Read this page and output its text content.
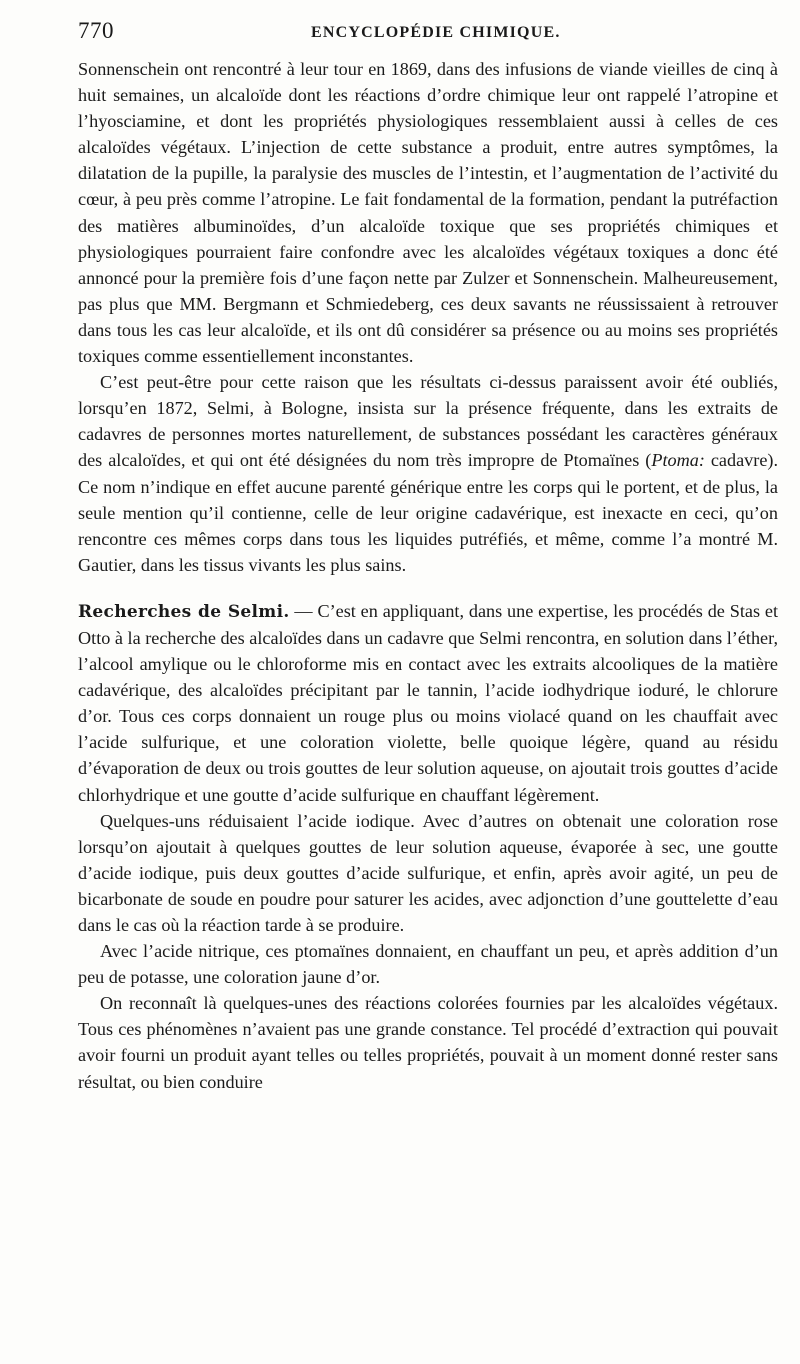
770	ENCYCLOPÉDIE CHIMIQUE.

Sonnenschein ont rencontré à leur tour en 1869, dans des infusions de viande vieilles de cinq à huit semaines, un alcaloïde dont les réactions d’ordre chimique leur ont rappelé l’atropine et l’hyosciamine, et dont les propriétés physiologiques ressemblaient aussi à celles de ces alcaloïdes végétaux. L’injection de cette substance a produit, entre autres symptômes, la dilatation de la pupille, la paralysie des muscles de l’intestin, et l’augmentation de l’activité du cœur, à peu près comme l’atropine. Le fait fondamental de la formation, pendant la putréfaction des matières albuminoïdes, d’un alcaloïde toxique que ses propriétés chimiques et physiologiques pourraient faire confondre avec les alcaloïdes végétaux toxiques a donc été annoncé pour la première fois d’une façon nette par Zulzer et Sonnenschein. Malheureusement, pas plus que MM. Bergmann et Schmiedeberg, ces deux savants ne réussissaient à retrouver dans tous les cas leur alcaloïde, et ils ont dû considérer sa présence ou au moins ses propriétés toxiques comme essentiellement inconstantes.

C’est peut-être pour cette raison que les résultats ci-dessus paraissent avoir été oubliés, lorsqu’en 1872, Selmi, à Bologne, insista sur la présence fréquente, dans les extraits de cadavres de personnes mortes naturellement, de substances possédant les caractères généraux des alcaloïdes, et qui ont été désignées du nom très impropre de Ptomaïnes (Ptoma: cadavre). Ce nom n’indique en effet aucune parenté générique entre les corps qui le portent, et de plus, la seule mention qu’il contienne, celle de leur origine cadavérique, est inexacte en ceci, qu’on rencontre ces mêmes corps dans tous les liquides putréfiés, et même, comme l’a montré M. Gautier, dans les tissus vivants les plus sains.

Recherches de Selmi. — C’est en appliquant, dans une expertise, les procédés de Stas et Otto à la recherche des alcaloïdes dans un cadavre que Selmi rencontra, en solution dans l’éther, l’alcool amylique ou le chloroforme mis en contact avec les extraits alcooliques de la matière cadavérique, des alcaloïdes précipitant par le tannin, l’acide iodhydrique ioduré, le chlorure d’or. Tous ces corps donnaient un rouge plus ou moins violacé quand on les chauffait avec l’acide sulfurique, et une coloration violette, belle quoique légère, quand au résidu d’évaporation de deux ou trois gouttes de leur solution aqueuse, on ajoutait trois gouttes d’acide chlorhydrique et une goutte d’acide sulfurique en chauffant légèrement.

Quelques-uns réduisaient l’acide iodique. Avec d’autres on obtenait une coloration rose lorsqu’on ajoutait à quelques gouttes de leur solution aqueuse, évaporée à sec, une goutte d’acide iodique, puis deux gouttes d’acide sulfurique, et enfin, après avoir agité, un peu de bicarbonate de soude en poudre pour saturer les acides, avec adjonction d’une gouttelette d’eau dans le cas où la réaction tarde à se produire.

Avec l’acide nitrique, ces ptomaïnes donnaient, en chauffant un peu, et après addition d’un peu de potasse, une coloration jaune d’or.

On reconnaît là quelques-unes des réactions colorées fournies par les alcaloïdes végétaux. Tous ces phénomènes n’avaient pas une grande constance. Tel procédé d’extraction qui pouvait avoir fourni un produit ayant telles ou telles propriétés, pouvait à un moment donné rester sans résultat, ou bien conduire
